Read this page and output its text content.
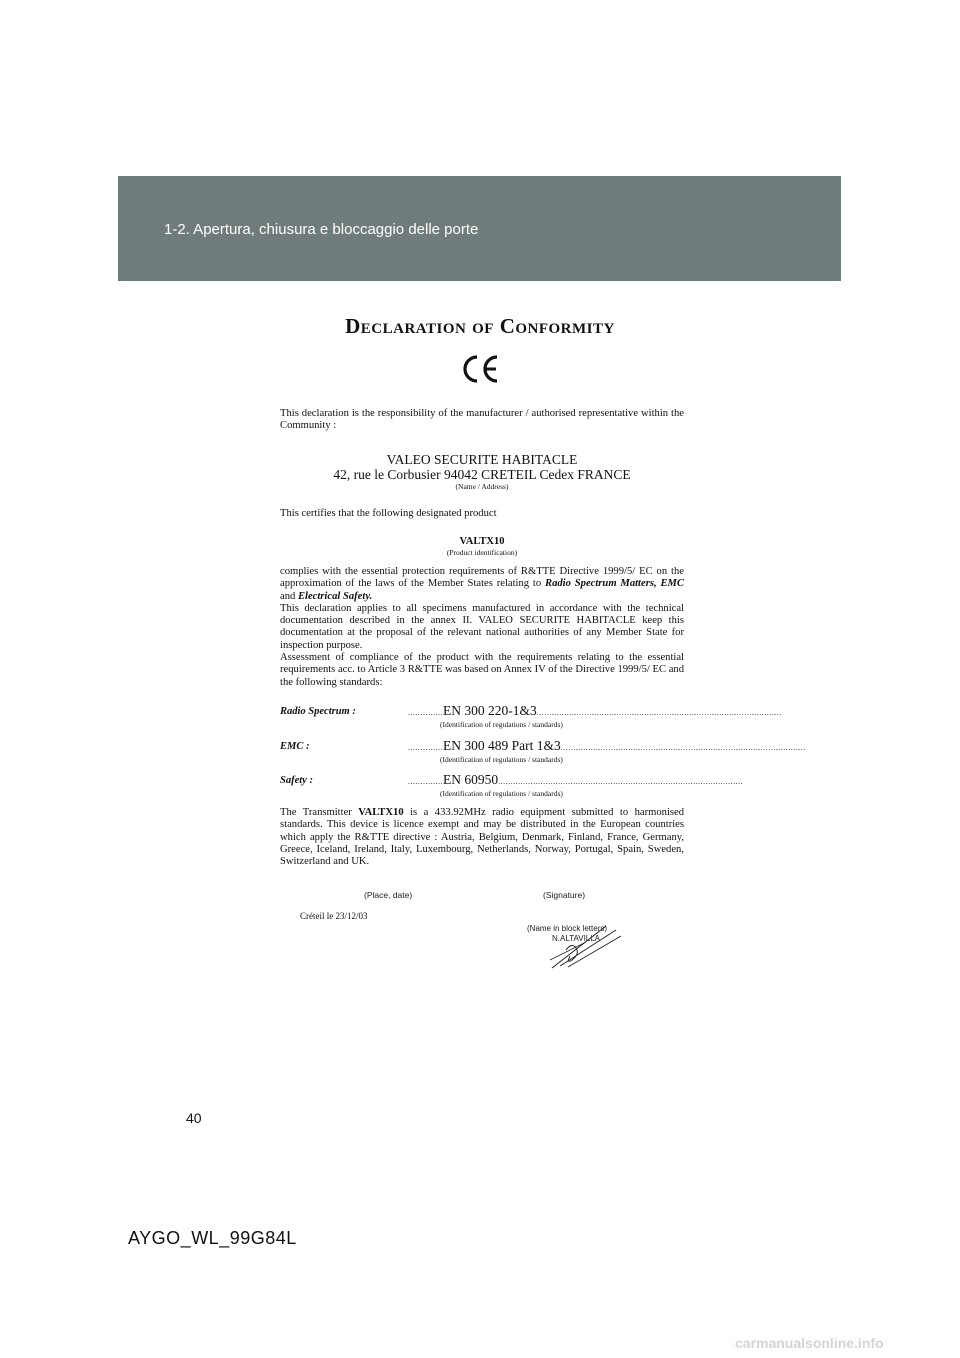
1-2. Apertura, chiusura e bloccaggio delle porte
Declaration of Conformity
This declaration is the responsibility of the manufacturer / authorised representative within the Community :
VALEO SECURITE HABITACLE
42, rue le Corbusier 94042 CRETEIL Cedex FRANCE
(Name / Address)
This certifies that the following designated product
VALTX10
(Product identification)
complies with the essential protection requirements of R&TTE Directive 1999/5/ EC on the approximation of the laws of the Member States relating to Radio Spectrum Matters, EMC and Electrical Safety.
This declaration applies to all specimens manufactured in accordance with the technical documentation described in the annex II. VALEO SECURITE HABITACLE keep this documentation at the proposal of the relevant national authorities of any Member State for inspection purpose.
Assessment of compliance of the product with the requirements relating to the essential requirements acc. to Article 3 R&TTE was based on Annex IV of the Directive 1999/5/ EC and the following standards:
Radio Spectrum :	..............EN 300 220-1&3..................................................................................................
(Identification of regulations / standards)
EMC :	..............EN 300 489 Part 1&3..................................................................................................
(Identification of regulations / standards)
Safety :	..............EN 60950..................................................................................................
(Identification of regulations / standards)
The Transmitter VALTX10 is a 433.92MHz radio equipment submitted to harmonised standards. This device is licence exempt and may be distributed in the European countries which apply the R&TTE directive : Austria, Belgium, Denmark, Finland, France, Germany, Greece, Iceland, Ireland, Italy, Luxembourg, Netherlands, Norway, Portugal, Spain, Sweden, Switzerland and UK.
(Place, date)	(Signature)
Créteil le 23/12/03
(Name in block letters)
N.ALTAVILLA
40
AYGO_WL_99G84L
carmanualsonline.info
